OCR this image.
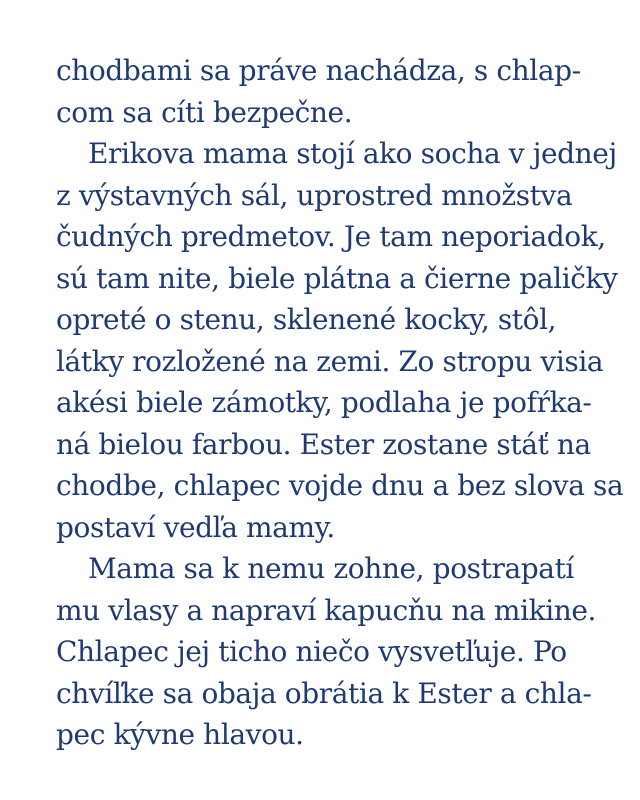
chodbami sa práve nachádza, s chlap-
com sa cíti bezpečne.
Erikova mama stojí ako socha v jednej
z výstavných sál, uprostred množstva
čudných predmetov. Je tam neporiadok,
sú tam nite, biele plátna a čierne paličky
opreté o stenu, sklenené kocky, stôl,
látky rozložené na zemi. Zo stropu visia
akési biele zámotky, podlaha je pofŕka-
ná bielou farbou. Ester zostane stáť na
chodbe, chlapec vojde dnu a bez slova sa
postaví vedľa mamy.
Mama sa k nemu zohne, postrapatí
mu vlasy a napraví kapucňu na mikine.
Chlapec jej ticho niečo vysvetľuje. Po
chvíľke sa obaja obrátia k Ester a chla-
pec kývne hlavou.
